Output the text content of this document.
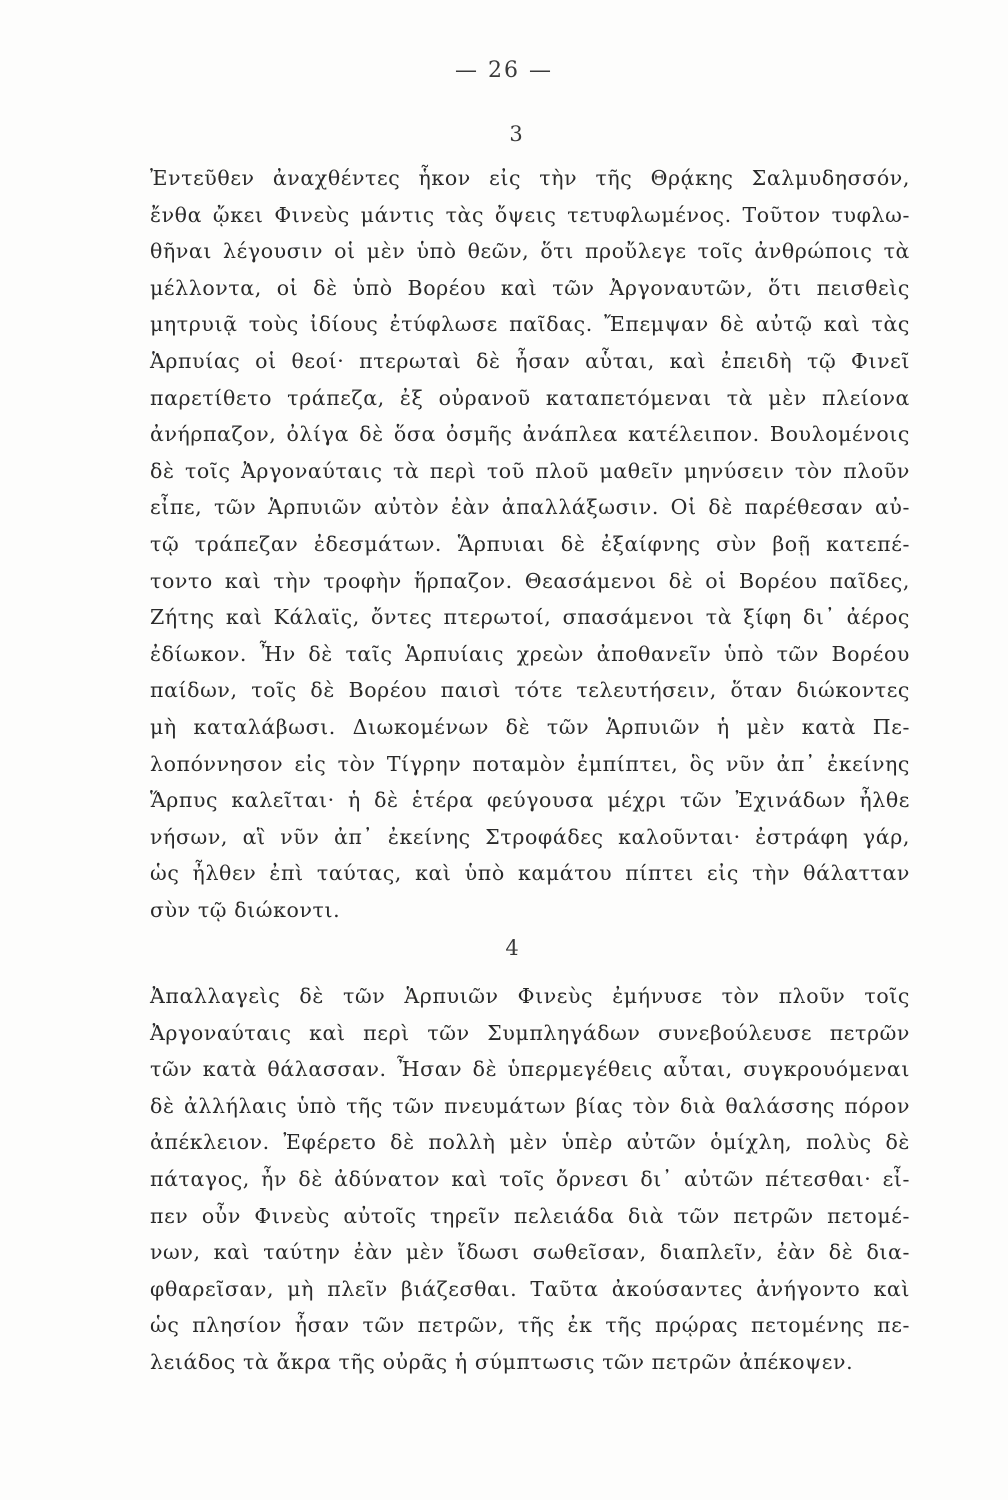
— 26 —
3
Ἐντεῦθεν ἀναχθέντες ἧκον εἰς τὴν τῆς Θρᾴκης Σαλμυδησσόν,
ἔνθα ᾤκει Φινεὺς μάντις τὰς ὄψεις τετυφλωμένος. Τοῦτον τυφλω-
θῆναι λέγουσιν οἱ μὲν ὑπὸ θεῶν, ὅτι προὔλεγε τοῖς ἀνθρώποις τὰ
μέλλοντα, οἱ δὲ ὑπὸ Βορέου καὶ τῶν Ἀργοναυτῶν, ὅτι πεισθεὶς
μητρυιᾷ τοὺς ἰδίους ἐτύφλωσε παῖδας. Ἔπεμψαν δὲ αὐτῷ καὶ τὰς
Ἁρπυίας οἱ θεοί· πτερωταὶ δὲ ἦσαν αὗται, καὶ ἐπειδὴ τῷ Φινεῖ
παρετίθετο τράπεζα, ἐξ οὐρανοῦ καταπετόμεναι τὰ μὲν πλείονα
ἀνήρπαζον, ὀλίγα δὲ ὅσα ὀσμῆς ἀνάπλεα κατέλειπον. Βουλομένοις
δὲ τοῖς Ἀργοναύταις τὰ περὶ τοῦ πλοῦ μαθεῖν μηνύσειν τὸν πλοῦν
εἶπε, τῶν Ἁρπυιῶν αὐτὸν ἐὰν ἀπαλλάξωσιν. Οἱ δὲ παρέθεσαν αὐ-
τῷ τράπεζαν ἐδεσμάτων. Ἅρπυιαι δὲ ἐξαίφνης σὺν βοῇ κατεπέ-
τοντο καὶ τὴν τροφὴν ἥρπαζον. Θεασάμενοι δὲ οἱ Βορέου παῖδες,
Ζήτης καὶ Κάλαϊς, ὄντες πτερωτοί, σπασάμενοι τὰ ξίφη δι᾽ ἀέρος
ἐδίωκον. Ἦν δὲ ταῖς Ἁρπυίαις χρεὼν ἀποθανεῖν ὑπὸ τῶν Βορέου
παίδων, τοῖς δὲ Βορέου παισὶ τότε τελευτήσειν, ὅταν διώκοντες
μὴ καταλάβωσι. Διωκομένων δὲ τῶν Ἁρπυιῶν ἡ μὲν κατὰ Πε-
λοπόννησον εἰς τὸν Τίγρην ποταμὸν ἐμπίπτει, ὃς νῦν ἀπ᾽ ἐκείνης
Ἅρπυς καλεῖται· ἡ δὲ ἑτέρα φεύγουσα μέχρι τῶν Ἐχινάδων ἦλθε
νήσων, αἳ νῦν ἀπ᾽ ἐκείνης Στροφάδες καλοῦνται· ἐστράφη γάρ,
ὡς ἦλθεν ἐπὶ ταύτας, καὶ ὑπὸ καμάτου πίπτει εἰς τὴν θάλατταν
σὺν τῷ διώκοντι.
4
Ἀπαλλαγεὶς δὲ τῶν Ἁρπυιῶν Φινεὺς ἐμήνυσε τὸν πλοῦν τοῖς
Ἀργοναύταις καὶ περὶ τῶν Συμπληγάδων συνεβούλευσε πετρῶν
τῶν κατὰ θάλασσαν. Ἦσαν δὲ ὑπερμεγέθεις αὗται, συγκρουόμεναι
δὲ ἀλλήλαις ὑπὸ τῆς τῶν πνευμάτων βίας τὸν διὰ θαλάσσης πόρον
ἀπέκλειον. Ἐφέρετο δὲ πολλὴ μὲν ὑπὲρ αὐτῶν ὁμίχλη, πολὺς δὲ
πάταγος, ἦν δὲ ἀδύνατον καὶ τοῖς ὄρνεσι δι᾽ αὐτῶν πέτεσθαι· εἶ-
πεν οὖν Φινεὺς αὐτοῖς τηρεῖν πελειάδα διὰ τῶν πετρῶν πετομέ-
νων, καὶ ταύτην ἐὰν μὲν ἴδωσι σωθεῖσαν, διαπλεῖν, ἐὰν δὲ δια-
φθαρεῖσαν, μὴ πλεῖν βιάζεσθαι. Ταῦτα ἀκούσαντες ἀνήγοντο καὶ
ὡς πλησίον ἦσαν τῶν πετρῶν, τῆς ἐκ τῆς πρῴρας πετομένης πε-
λειάδος τὰ ἄκρα τῆς οὐρᾶς ἡ σύμπτωσις τῶν πετρῶν ἀπέκοψεν.
